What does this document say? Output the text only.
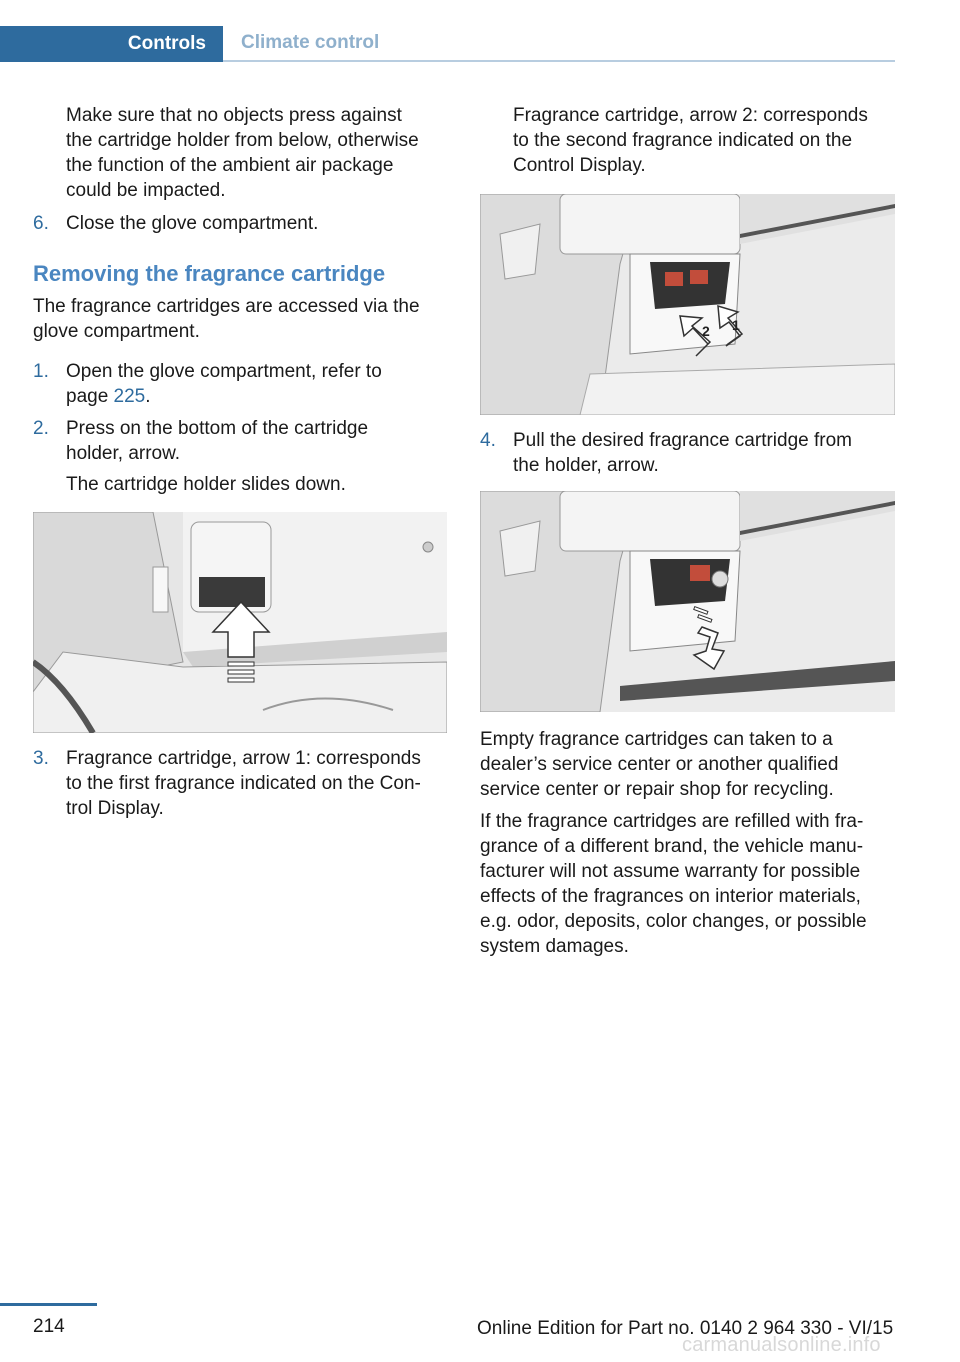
Controls	Climate control
Make sure that no objects press against
the cartridge holder from below, otherwise
the function of the ambient air package
could be impacted.
6. Close the glove compartment.
Removing the fragrance cartridge
The fragrance cartridges are accessed via the
glove compartment.
1. Open the glove compartment, refer to
page 225.
2. Press on the bottom of the cartridge
holder, arrow.
The cartridge holder slides down.
3. Fragrance cartridge, arrow 1: corresponds
to the first fragrance indicated on the Con-
trol Display.
Fragrance cartridge, arrow 2: corresponds
to the second fragrance indicated on the
Control Display.
2 1
4. Pull the desired fragrance cartridge from
the holder, arrow.
Empty fragrance cartridges can taken to a
dealer’s service center or another qualified
service center or repair shop for recycling.
If the fragrance cartridges are refilled with fra-
grance of a different brand, the vehicle manu-
facturer will not assume warranty for possible
effects of the fragrances on interior materials,
e.g. odor, deposits, color changes, or possible
system damages.
214	Online Edition for Part no. 0140 2 964 330 - VI/15
carmanualsonline.info
